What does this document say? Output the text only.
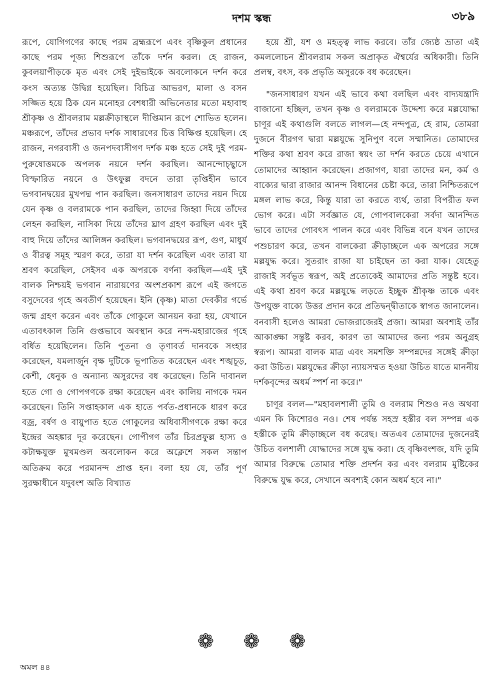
দশম স্কন্ধ	৩৮৯

রূপে, যোগিগণের কাছে পরম ব্রহ্মরূপে এবং বৃষ্ণিকুল প্রধানের কাছে পরম পূজ্য শিশুরূপে তাঁকে দর্শন করল। হে রাজন, কুবলয়াপীড়কে মৃত এবং সেই দুইভাইকে অবলোকনে দর্শন করে কংস অত্যন্ত উদ্বিগ্ন হয়েছিল। বিচিত্র আভরণ, মালা ও বসন সজ্জিত হয়ে ঠিক যেন মনোহর বেশধারী অভিনেতার মতো মহাবাহু শ্রীকৃষ্ণ ও শ্রীবলরাম মল্লক্রীড়াস্থলে দীপ্তিমান রূপে শোভিত হলেন। মঞ্চরূপে, তাঁদের প্রভাব দর্শক সাধারণের চিত্ত বিক্ষিপ্ত হয়েছিল। হে রাজন, নগরবাসী ও জনপদবাসীগণ দর্শক মঞ্চ হতে সেই দুই পরম-পুরুষোত্তমকে অপলক নয়নে দর্শন করছিল। আনন্দোচ্ছ্বাসে বিস্ফারিত নয়নে ও উৎফুল্ল বদনে তারা তৃপ্তিহীন ভাবে ভগবানদ্বয়ের মুখপদ্ম পান করছিল। জনসাধারণ তাদের নয়ন দিয়ে যেন কৃষ্ণ ও বলরামকে পান করছিল, তাদের জিহ্বা দিয়ে তাঁদের লেহন করছিল, নাসিকা দিয়ে তাঁদের ঘ্রাণ গ্রহণ করছিল এবং দুই বাহু দিয়ে তাঁদের আলিঙ্গন করছিল। ভগবানদ্বয়ের রূপ, গুণ, মাধুর্য ও বীরত্ব সমূহ স্মরণ করে, তারা যা দর্শন করেছিল এবং তারা যা শ্রবণ করেছিল, সেইসব এক অপরকে বর্ণনা করছিল—এই দুই বালক নিশ্চয়ই ভগবান নারায়ণের অংশপ্রকাশ রূপে এই জগতে বসুদেবের গৃহে অবতীর্ণ হয়েছেন। ইনি (কৃষ্ণ) মাতা দেবকীর গর্ভে জন্ম গ্রহণ করেন এবং তাঁকে গোকুলে আনয়ন করা হয়, যেখানে এতাবৎকাল তিনি গুপ্তভাবে অবস্থান করে নন্দ-মহারাজের গৃহে বর্ধিত হয়েছিলেন। তিনি পুতনা ও তৃণাবর্ত দানবকে সংহার করেছেন, যমলার্জুন বৃক্ষ দুটিকে ভূপাতিত করেছেন এবং শঙ্খচূড়, কেশী, ধেনুক ও অন্যান্য অসুরদের বধ করেছেন। তিনি দাবানল হতে গো ও গোপগণকে রক্ষা করেছেন এবং কালিয় নাগকে দমন করেছেন। তিনি সপ্তাহকাল এক হাতে পর্বত-প্রধানকে ধারণ করে বজ্র, বর্ষণ ও বায়ুপাত হতে গোকুলের অধিবাসীগণকে রক্ষা করে ইন্দ্রের অহঙ্কার দূর করেছেন। গোপীগণ তাঁর চিরপ্রফুল্ল হাস্য ও কটাক্ষযুক্ত মুখমণ্ডল অবলোকন করে অক্লেশে সকল সন্তাপ অতিক্রম করে পরমানন্দ প্রাপ্ত হন। বলা হয় যে, তাঁর পূর্ণ সুরক্ষাধীনে যদুবংশ অতি বিখ্যাত

হয়ে শ্রী, যশ ও মহত্ত্ব লাভ করবে। তাঁর জ্যেষ্ঠ ভ্রাতা এই কমললোচন শ্রীবলরাম সকল অপ্রাকৃত ঐশ্বর্যের অধিকারী। তিনি প্রলম্ব, বৎস, বক প্রভৃতি অসুরকে বধ করেছেন।

"জনসাধারণ যখন এই ভাবে কথা বলছিল এবং বাদ্যযন্ত্রাদি বাজানো হচ্ছিল, তখন কৃষ্ণ ও বলরামকে উদ্দেশ্য করে মল্লযোদ্ধা চাণূর এই কথাগুলি বলতে লাগল—হে নন্দপুত্র, হে রাম, তোমরা দুজনে বীরগণ দ্বারা মল্লযুদ্ধে সুনিপুণ বলে সম্মানিত। তোমাদের শক্তির কথা শ্রবণ করে রাজা স্বয়ং তা দর্শন করতে চেয়ে এখানে তোমাদের আহ্বান করেছেন। প্রজাগণ, যারা তাদের মন, কর্ম ও বাক্যের দ্বারা রাজার আনন্দ বিধানের চেষ্টা করে, তারা নিশ্চিতরূপে মঙ্গল লাভ করে, কিন্তু যারা তা করতে ব্যর্থ, তারা বিপরীত ফল ভোগ করে। এটা সর্বজ্ঞাত যে, গোপবালকেরা সর্বদা আনন্দিত ভাবে তাদের গোবৎস পালন করে এবং বিভিন্ন বনে যখন তাদের পশুচারণ করে, তখন বালকেরা ক্রীড়াচ্ছলে এক অপরের সঙ্গে মল্লযুদ্ধ করে। সুতরাং রাজা যা চাইছেন তা করা যাক। যেহেতু রাজাই সর্বভূত স্বরূপ, অই প্রত্যেকেই আমাদের প্রতি সন্তুষ্ট হবে। এই কথা শ্রবণ করে মল্লযুদ্ধে লড়তে ইচ্ছুক শ্রীকৃষ্ণ তাকে এবং উপযুক্ত বাক্যে উত্তর প্রদান করে প্রতিদ্বন্দ্বীতাকে স্বাগত জানালেন। বনবাসী হলেও আমরা ভোজরাজেরই প্রজা। আমরা অবশ্যই তাঁর আকাঙ্ক্ষা সন্তুষ্ট করব, কারণ তা আমাদের জন্য পরম অনুগ্রহ স্বরূপ। আমরা বালক মাত্র এবং সমশক্তি সম্পন্নদের সঙ্গেই ক্রীড়া করা উচিত। মল্লযুদ্ধের ক্রীড়া ন্যায়সম্মত হওয়া উচিত যাতে মাননীয় দর্শকবৃন্দের অধর্ম স্পর্শ না করে।"

চাণূর বলল—"মহাবলশালী তুমি ও বলরাম শিশুও নও অথবা এমন কি কিশোরও নও। শেষ পর্যন্ত সহস্র হস্তীর বল সম্পন্ন এক হস্তীকে তুমি ক্রীড়াচ্ছলে বধ করেছ। অতএব তোমাদের দুজনেরই উচিত বলশালী যোদ্ধাদের সঙ্গে যুদ্ধ করা। হে বৃষ্ণিবংশজ, যদি তুমি আমার বিরুদ্ধে তোমার শক্তি প্রদর্শন কর এবং বলরাম মুষ্টিকের বিরুদ্ধে যুদ্ধ করে, সেখানে অবশ্যই কোন অধর্ম হবে না।"

❁ ❁ ❁
অমল ৪৪
